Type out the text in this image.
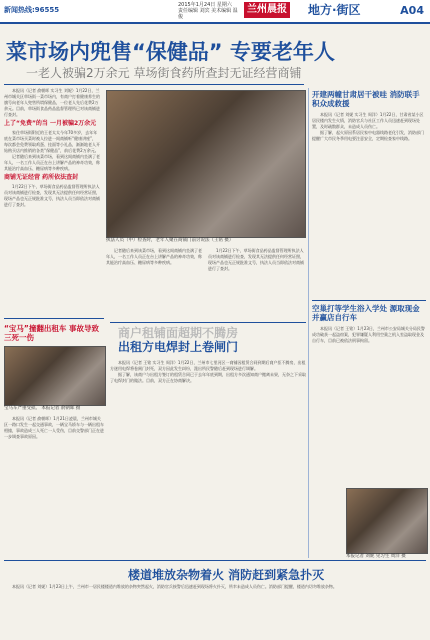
新闻热线:96555
2015年1月24日 星期六
责任编辑 刘宾 美术编辑 温俊
兰州晨报 地方·街区	A04
菜市场内兜售“保健品” 专要老年人
一老人被骗2万余元 草场街食药所查封无证经营商铺

本报讯（记者 俞朝晖 实习生 刘妮）1月22日，兰州市城关区草场街一菜市场内，有商户打着健康养生的旗号向老年人兜售所谓保健品，一位老人先后花费2万余元。目前，草场街食品药品监督管理所已对该商铺进行查封。

上了“免费”的当 一月被骗2万余元

家住草场街附近的王老太太今年70多岁，去年年底在菜市场买菜时被人拉进一间商铺听“健康讲座”，每次都会免费领取鸡蛋、挂面等小礼品，渐渐地老人开始购买店内推销的各类“保健品”，前后花费2万余元。

记者随后来到该菜市场，看到这间商铺内坐满了老年人，一名工作人员正在台上讲解产品的神奇功效，称其能治疗高血压、糖尿病等多种疾病。

商铺无证经营 药所依法查封

1月22日下午，草场街食品药品监督管理所执法人员对该商铺进行检查，发现其无法提供任何经营证照，现场产品也无正规批准文号，执法人员当即依法对商铺进行了查封。

执法人员（中）检查时，老年人聚在商铺门前讨说法（王铭 摄）

记者随后来到该菜市场，看到这间商铺内坐满了老年人，一名工作人员正在台上讲解产品的神奇功效，称其能治疗高血压、糖尿病等多种疾病。

1月22日下午，草场街食品药品监督管理所执法人员对该商铺进行检查，发现其无法提供任何经营证照，现场产品也无正规批准文号，执法人员当即依法对商铺进行了查封。

开建两幢甘肃居干被哇 消防联手积众成救援

本报讯（记者 刘妮 实习生 周洋）1月22日，甘肃省某小区居民楼内发生火情，消防官兵与社区工作人员迅速赶到现场处置，及时疏散群众，未造成人员伤亡。

据了解，起火原因系居民家中电器线路老化引发，消防部门提醒广大市民冬季用电要注意安全，定期检查家中线路。

空巢打等学生浴入学处 源取现金并赢店自行车

本报讯（记者 王铭）1月23日，兰州市公安局城关分局民警成功破获一起盗窃案，犯罪嫌疑人利用空巢之机入室盗取现金及自行车，目前已被依法刑事拘留。

本报记者 刘妮 见习生 周洋 摄
“宝马”撞翻出租车 事故导致三死一伤
宝马车严重受损。 本报记者 俞朝晖 摄

本报讯（记者 俞朝晖）1月21日凌晨，兰州市城关区一路口发生一起交通事故，一辆宝马轿车与一辆出租车相撞，事故造成三人死亡一人受伤，目前交警部门正在进一步调查事故原因。

商户租铺面超期不腾房
出租方电焊封上卷闸门

本报讯（记者 王铭 实习生 周洋）1月22日，兰州市七里河区一商铺因租赁合同到期后商户拒不腾房，出租方遂用电焊将卷闸门封死，双方因此发生纠纷，派出所民警随后赶到现场进行调解。

据了解，该商户与出租方签订的租赁合同已于去年年底到期，出租方多次通知商户搬离未果，无奈之下采取了电焊封门的做法。目前，双方正在协商解决。

楼道堆放杂物着火 消防赶到紧急扑灭

本报讯（记者 刘妮）1月23日上午，兰州市一居民楼楼道内堆放的杂物突然起火，消防官兵接警后迅速赶到现场将火扑灭，所幸未造成人员伤亡。消防部门提醒，楼道内切勿堆放杂物。
